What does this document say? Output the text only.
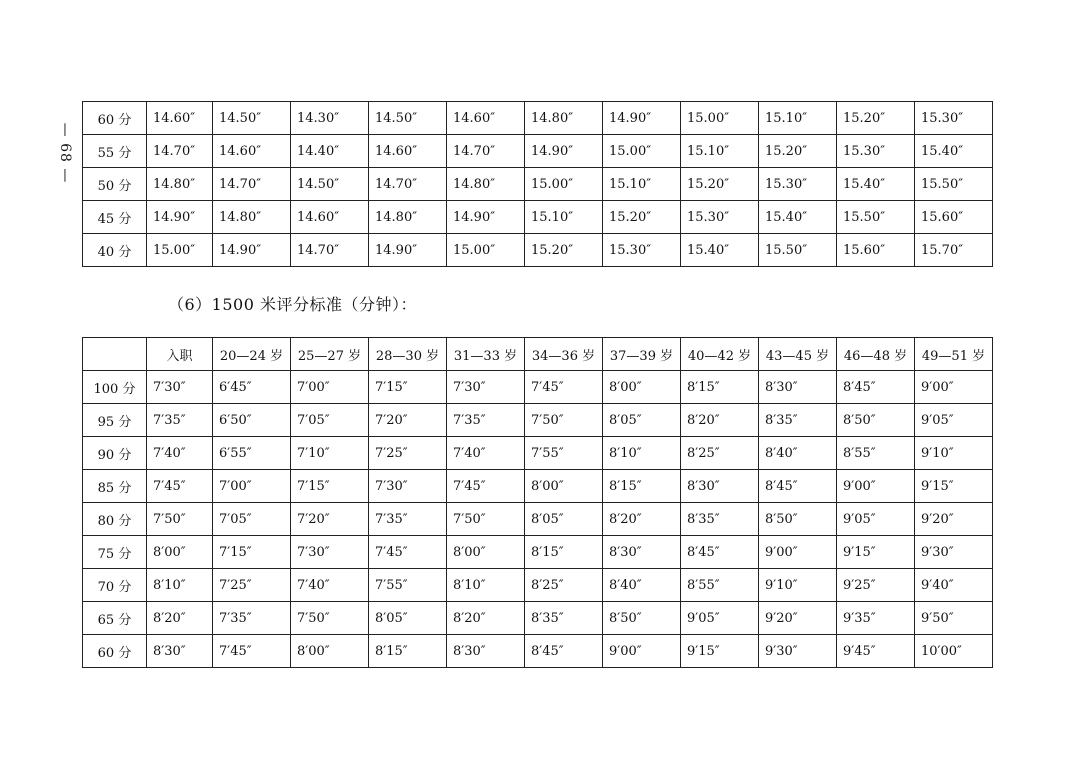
— 68 —
60 分	14.60″	14.50″	14.30″	14.50″	14.60″	14.80″	14.90″	15.00″	15.10″	15.20″	15.30″
55 分	14.70″	14.60″	14.40″	14.60″	14.70″	14.90″	15.00″	15.10″	15.20″	15.30″	15.40″
50 分	14.80″	14.70″	14.50″	14.70″	14.80″	15.00″	15.10″	15.20″	15.30″	15.40″	15.50″
45 分	14.90″	14.80″	14.60″	14.80″	14.90″	15.10″	15.20″	15.30″	15.40″	15.50″	15.60″
40 分	15.00″	14.90″	14.70″	14.90″	15.00″	15.20″	15.30″	15.40″	15.50″	15.60″	15.70″
（6）1500 米评分标准（分钟）：
	入职	20—24 岁	25—27 岁	28—30 岁	31—33 岁	34—36 岁	37—39 岁	40—42 岁	43—45 岁	46—48 岁	49—51 岁
100 分	7′30″	6′45″	7′00″	7′15″	7′30″	7′45″	8′00″	8′15″	8′30″	8′45″	9′00″
95 分	7′35″	6′50″	7′05″	7′20″	7′35″	7′50″	8′05″	8′20″	8′35″	8′50″	9′05″
90 分	7′40″	6′55″	7′10″	7′25″	7′40″	7′55″	8′10″	8′25″	8′40″	8′55″	9′10″
85 分	7′45″	7′00″	7′15″	7′30″	7′45″	8′00″	8′15″	8′30″	8′45″	9′00″	9′15″
80 分	7′50″	7′05″	7′20″	7′35″	7′50″	8′05″	8′20″	8′35″	8′50″	9′05″	9′20″
75 分	8′00″	7′15″	7′30″	7′45″	8′00″	8′15″	8′30″	8′45″	9′00″	9′15″	9′30″
70 分	8′10″	7′25″	7′40″	7′55″	8′10″	8′25″	8′40″	8′55″	9′10″	9′25″	9′40″
65 分	8′20″	7′35″	7′50″	8′05″	8′20″	8′35″	8′50″	9′05″	9′20″	9′35″	9′50″
60 分	8′30″	7′45″	8′00″	8′15″	8′30″	8′45″	9′00″	9′15″	9′30″	9′45″	10′00″
